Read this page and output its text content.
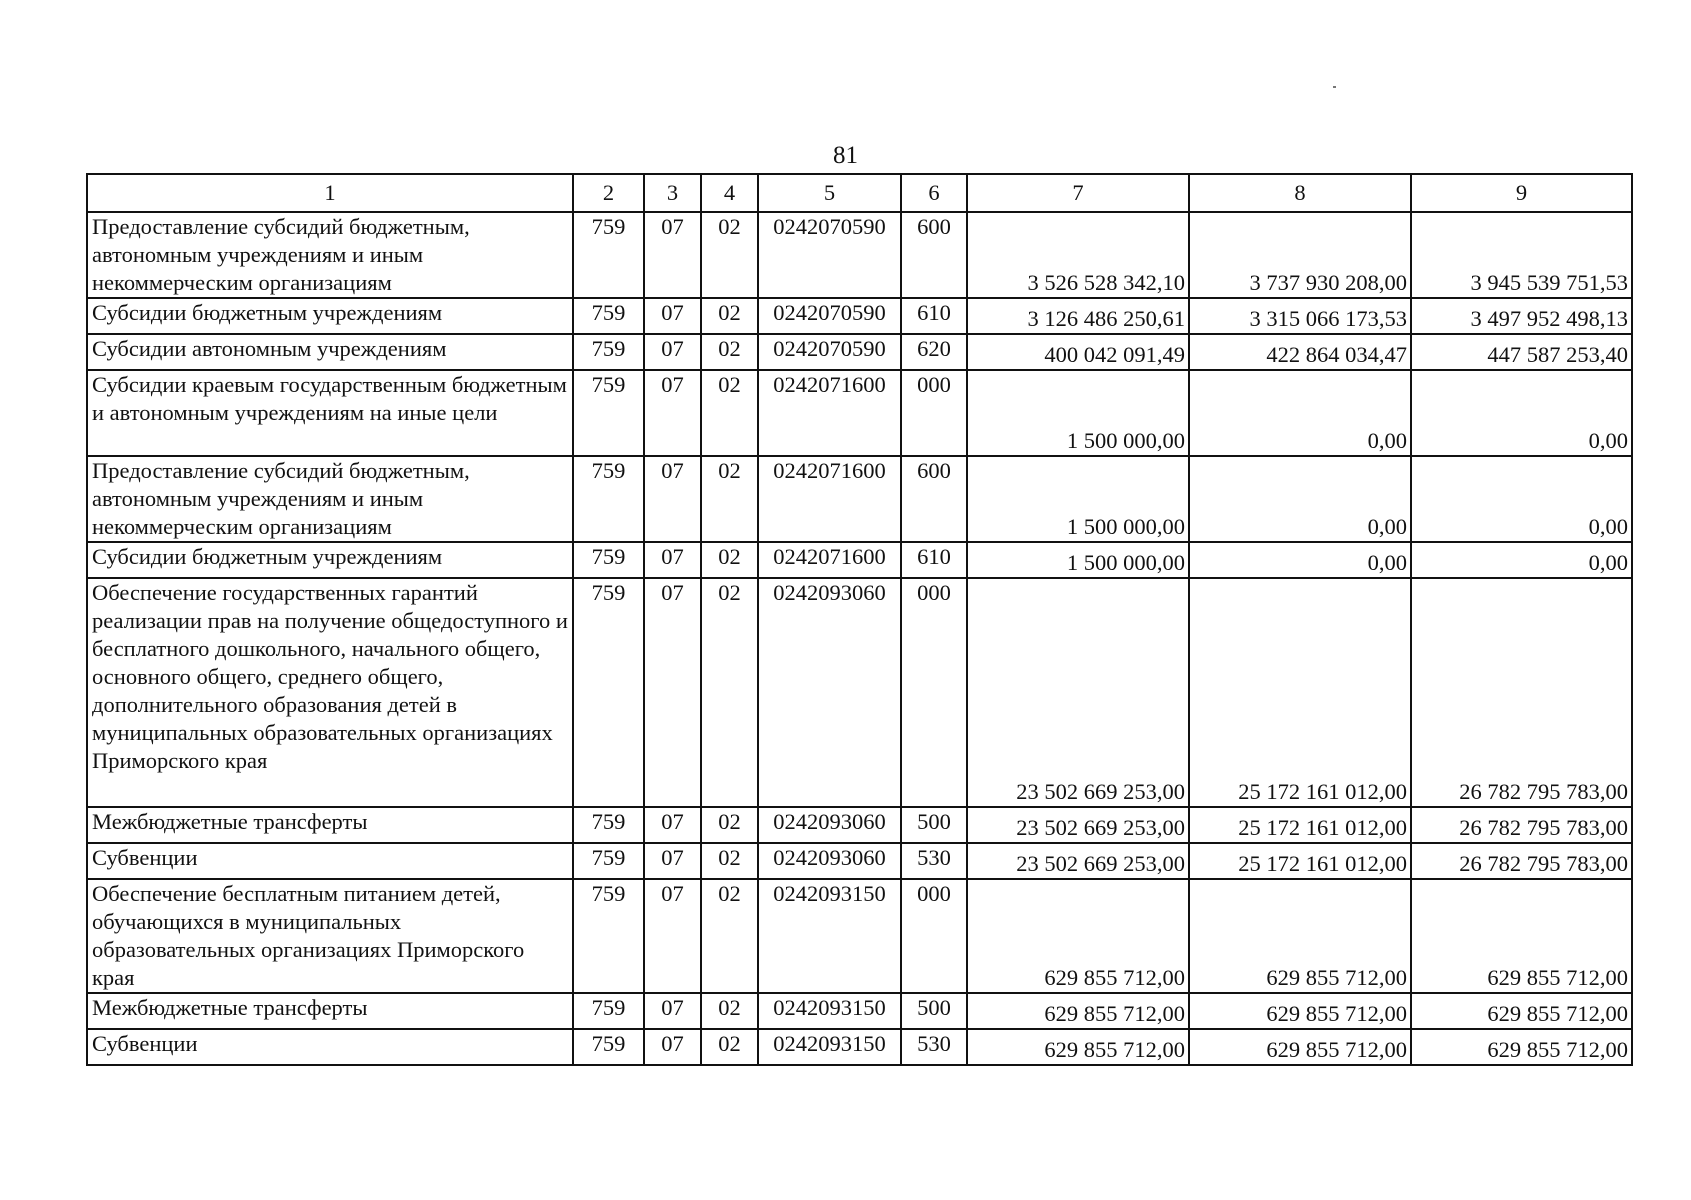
81
1	2	3	4	5	6	7	8	9
Предоставление субсидий бюджетным, автономным учреждениям и иным некоммерческим организациям	759	07	02	0242070590	600	3 526 528 342,10	3 737 930 208,00	3 945 539 751,53
Субсидии бюджетным учреждениям	759	07	02	0242070590	610	3 126 486 250,61	3 315 066 173,53	3 497 952 498,13
Субсидии автономным учреждениям	759	07	02	0242070590	620	400 042 091,49	422 864 034,47	447 587 253,40
Субсидии краевым государственным бюджетным и автономным учреждениям на иные цели	759	07	02	0242071600	000	1 500 000,00	0,00	0,00
Предоставление субсидий бюджетным, автономным учреждениям и иным некоммерческим организациям	759	07	02	0242071600	600	1 500 000,00	0,00	0,00
Субсидии бюджетным учреждениям	759	07	02	0242071600	610	1 500 000,00	0,00	0,00
Обеспечение государственных гарантий реализации прав на получение общедоступного и бесплатного дошкольного, начального общего, основного общего, среднего общего, дополнительного образования детей в муниципальных образовательных организациях Приморского края	759	07	02	0242093060	000	23 502 669 253,00	25 172 161 012,00	26 782 795 783,00
Межбюджетные трансферты	759	07	02	0242093060	500	23 502 669 253,00	25 172 161 012,00	26 782 795 783,00
Субвенции	759	07	02	0242093060	530	23 502 669 253,00	25 172 161 012,00	26 782 795 783,00
Обеспечение бесплатным питанием детей, обучающихся в муниципальных образовательных организациях Приморского края	759	07	02	0242093150	000	629 855 712,00	629 855 712,00	629 855 712,00
Межбюджетные трансферты	759	07	02	0242093150	500	629 855 712,00	629 855 712,00	629 855 712,00
Субвенции	759	07	02	0242093150	530	629 855 712,00	629 855 712,00	629 855 712,00
